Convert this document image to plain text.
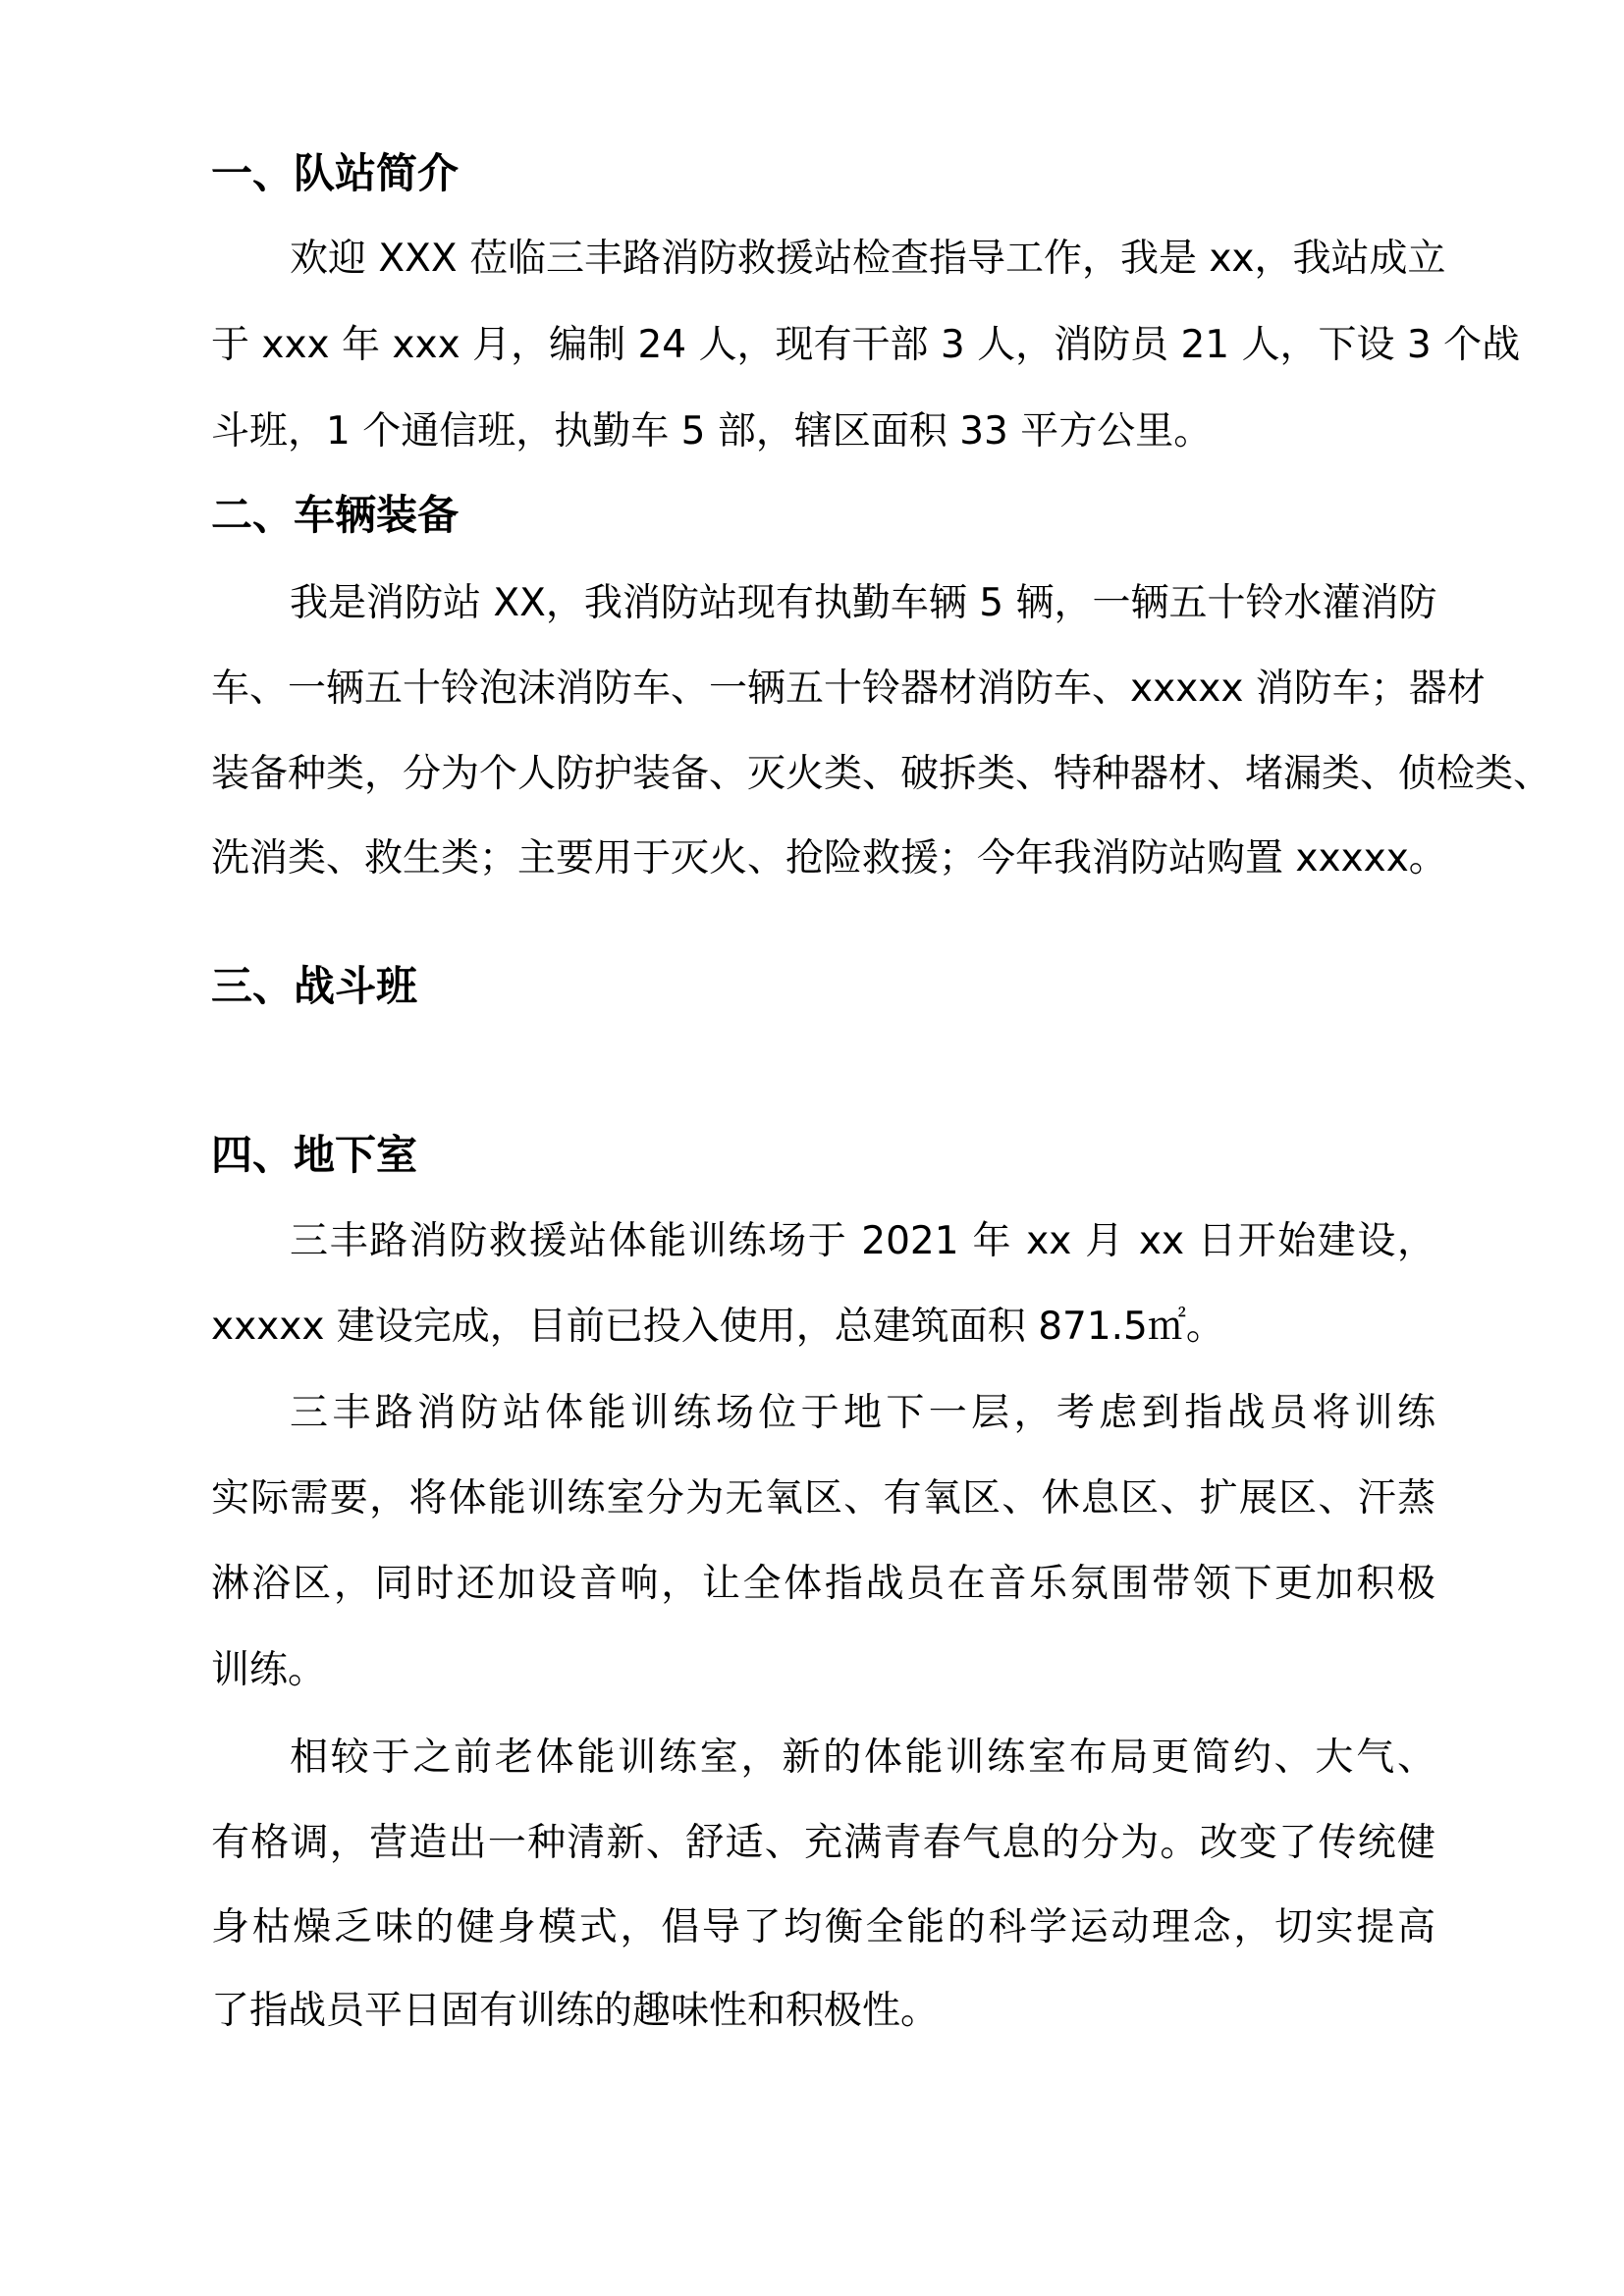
一、队站简介
欢迎 XXX 莅临三丰路消防救援站检查指导工作，我是 xx，我站成立
于 xxx 年 xxx 月，编制 24 人，现有干部 3 人，消防员 21 人，下设 3 个战
斗班，1 个通信班，执勤车 5 部，辖区面积 33 平方公里。
二、车辆装备
我是消防站 XX，我消防站现有执勤车辆 5 辆，一辆五十铃水灌消防
车、一辆五十铃泡沫消防车、一辆五十铃器材消防车、xxxxx 消防车；器材
装备种类，分为个人防护装备、灭火类、破拆类、特种器材、堵漏类、侦检类、
洗消类、救生类；主要用于灭火、抢险救援；今年我消防站购置 xxxxx。
三、战斗班
四、地下室
三丰路消防救援站体能训练场于 2021 年 xx 月 xx 日开始建设，
xxxxx 建设完成，目前已投入使用，总建筑面积 871.5㎡。
三丰路消防站体能训练场位于地下一层，考虑到指战员将训练
实际需要，将体能训练室分为无氧区、有氧区、休息区、扩展区、汗蒸
淋浴区，同时还加设音响，让全体指战员在音乐氛围带领下更加积极
训练。
相较于之前老体能训练室，新的体能训练室布局更简约、大气、
有格调，营造出一种清新、舒适、充满青春气息的分为。改变了传统健
身枯燥乏味的健身模式，倡导了均衡全能的科学运动理念，切实提高
了指战员平日固有训练的趣味性和积极性。
